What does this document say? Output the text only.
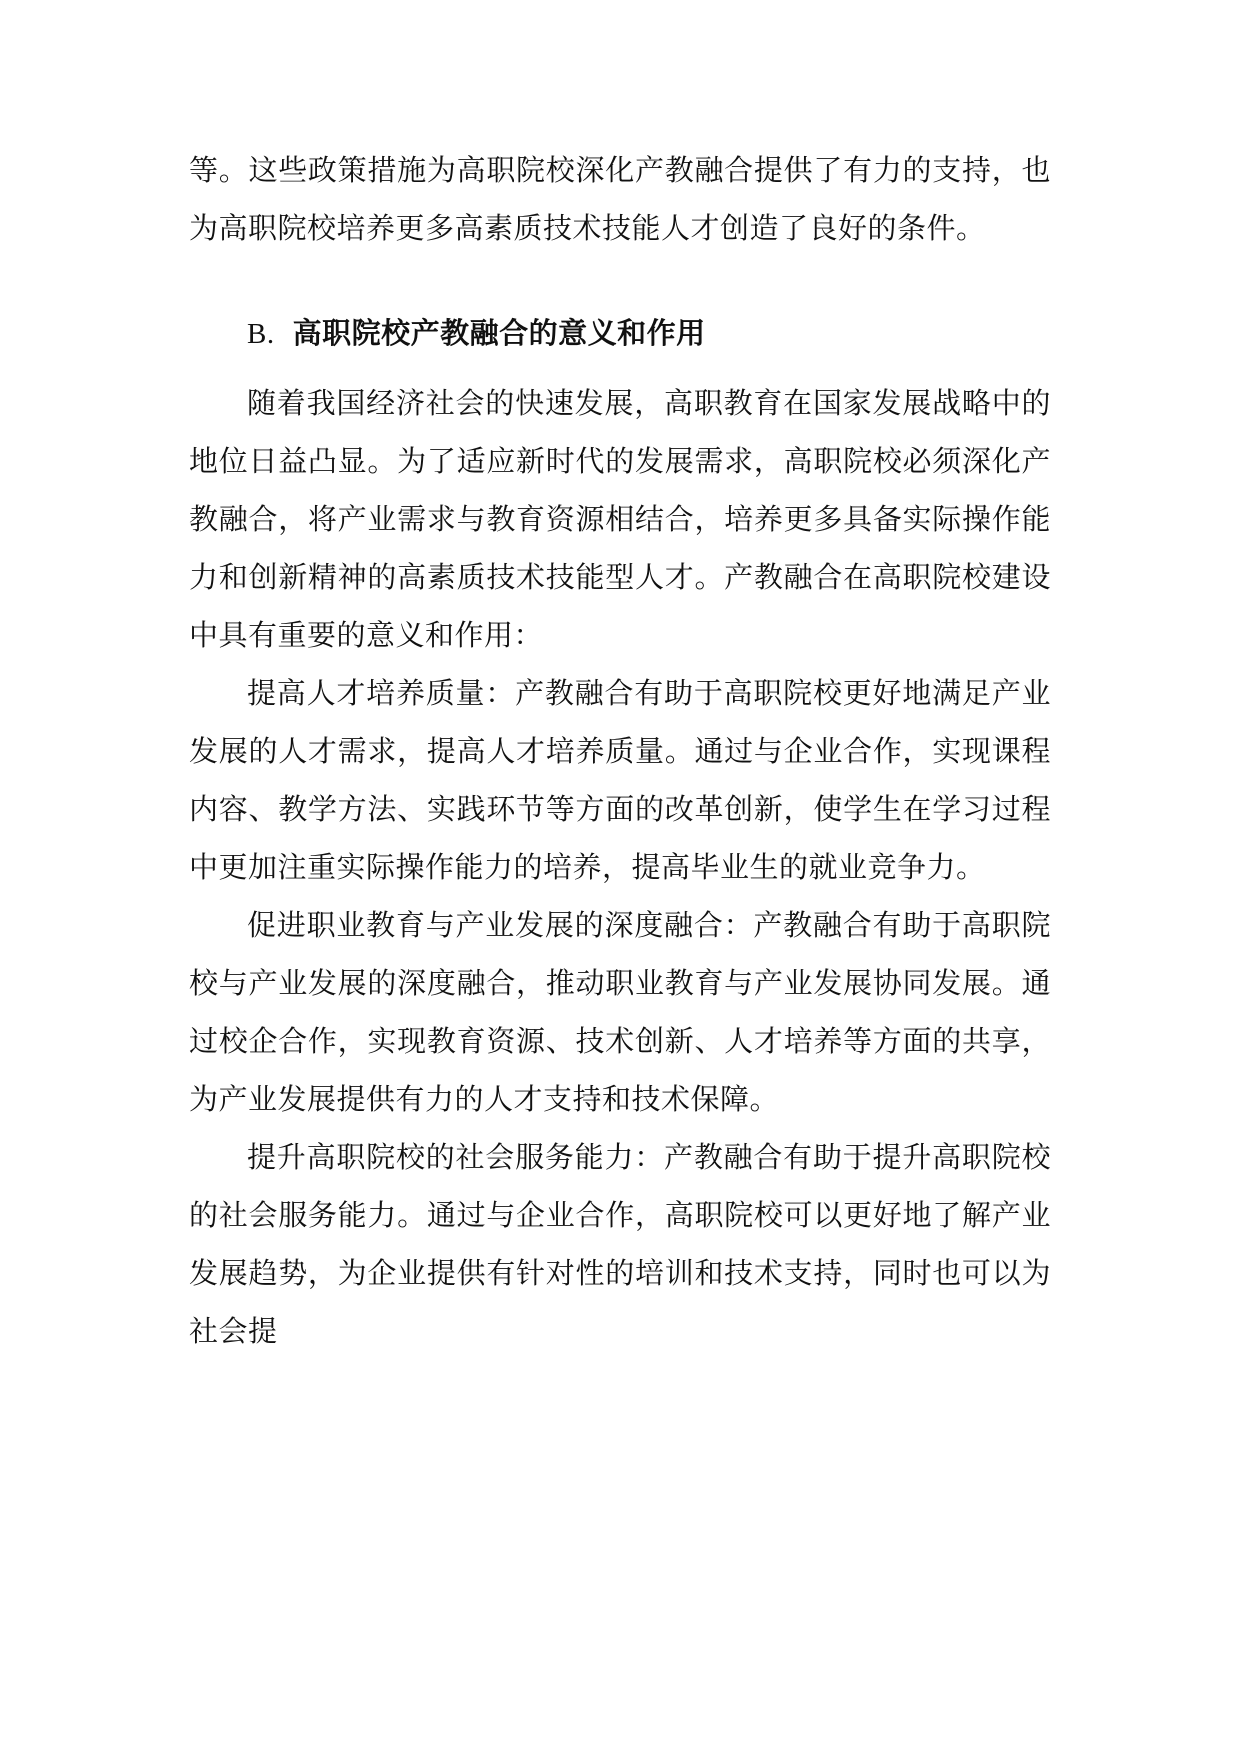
等。这些政策措施为高职院校深化产教融合提供了有力的支持，也为高职院校培养更多高素质技术技能人才创造了良好的条件。

B. 高职院校产教融合的意义和作用

随着我国经济社会的快速发展，高职教育在国家发展战略中的地位日益凸显。为了适应新时代的发展需求，高职院校必须深化产教融合，将产业需求与教育资源相结合，培养更多具备实际操作能力和创新精神的高素质技术技能型人才。产教融合在高职院校建设中具有重要的意义和作用：

提高人才培养质量：产教融合有助于高职院校更好地满足产业发展的人才需求，提高人才培养质量。通过与企业合作，实现课程内容、教学方法、实践环节等方面的改革创新，使学生在学习过程中更加注重实际操作能力的培养，提高毕业生的就业竞争力。

促进职业教育与产业发展的深度融合：产教融合有助于高职院校与产业发展的深度融合，推动职业教育与产业发展协同发展。通过校企合作，实现教育资源、技术创新、人才培养等方面的共享，为产业发展提供有力的人才支持和技术保障。

提升高职院校的社会服务能力：产教融合有助于提升高职院校的社会服务能力。通过与企业合作，高职院校可以更好地了解产业发展趋势，为企业提供有针对性的培训和技术支持，同时也可以为社会提
